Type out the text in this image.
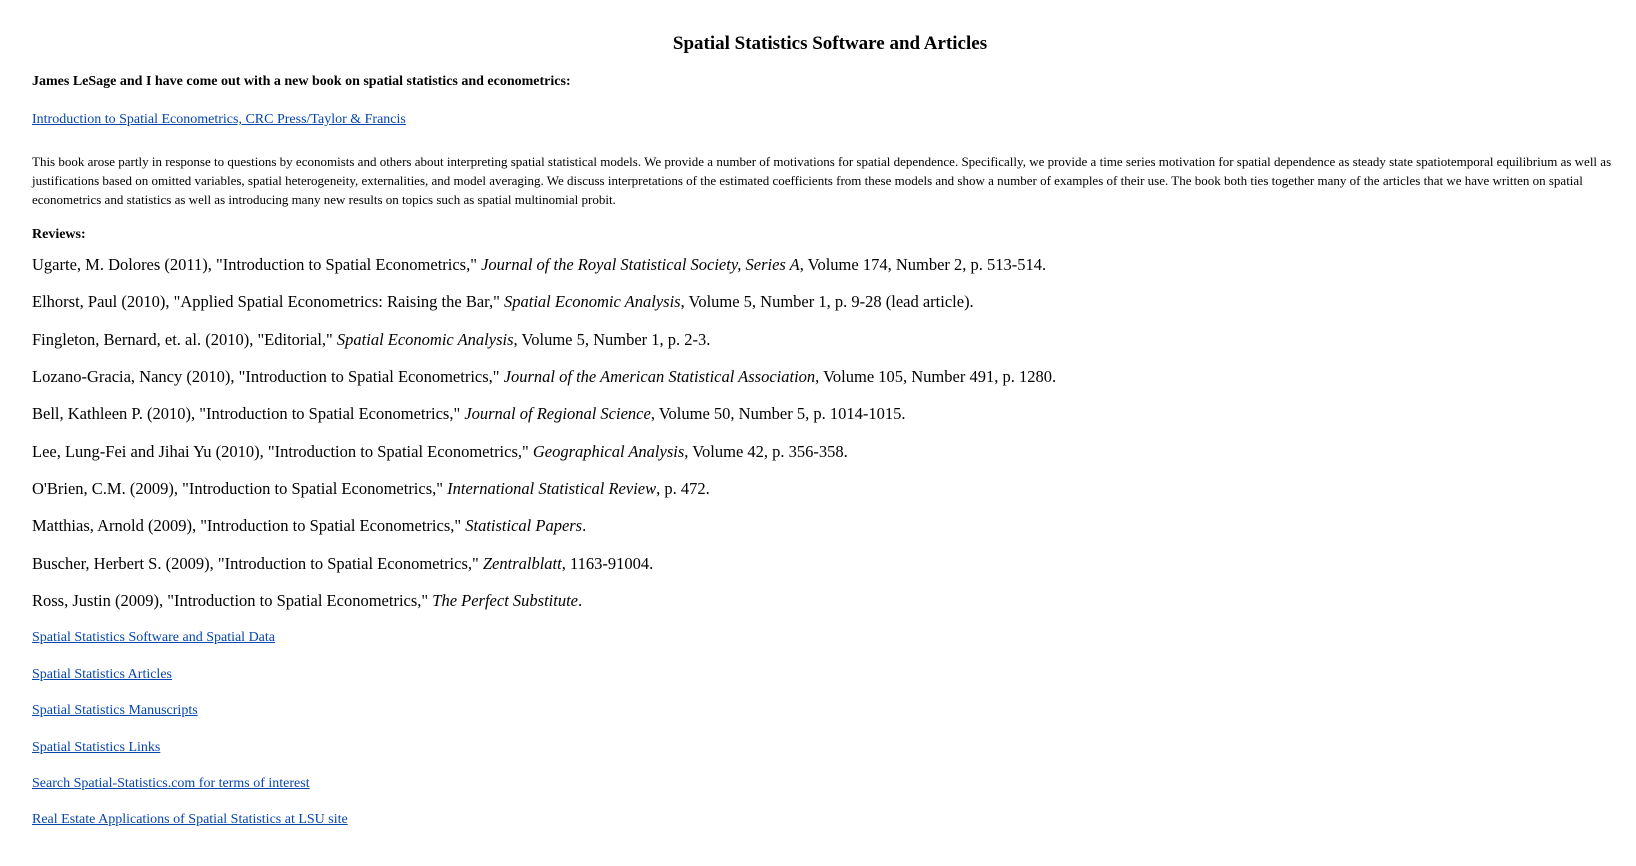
Spatial Statistics Software and Articles

James LeSage and I have come out with a new book on spatial statistics and econometrics:

Introduction to Spatial Econometrics, CRC Press/Taylor & Francis

This book arose partly in response to questions by economists and others about interpreting spatial statistical models. We provide a number of motivations for spatial dependence. Specifically, we provide a time series motivation for spatial dependence as steady state spatiotemporal equilibrium as well as justifications based on omitted variables, spatial heterogeneity, externalities, and model averaging. We discuss interpretations of the estimated coefficients from these models and show a number of examples of their use. The book both ties together many of the articles that we have written on spatial econometrics and statistics as well as introducing many new results on topics such as spatial multinomial probit.

Reviews:

Ugarte, M. Dolores (2011), "Introduction to Spatial Econometrics," Journal of the Royal Statistical Society, Series A, Volume 174, Number 2, p. 513-514.

Elhorst, Paul (2010), "Applied Spatial Econometrics: Raising the Bar," Spatial Economic Analysis, Volume 5, Number 1, p. 9-28 (lead article).

Fingleton, Bernard, et. al. (2010), "Editorial," Spatial Economic Analysis, Volume 5, Number 1, p. 2-3.

Lozano-Gracia, Nancy (2010), "Introduction to Spatial Econometrics," Journal of the American Statistical Association, Volume 105, Number 491, p. 1280.

Bell, Kathleen P. (2010), "Introduction to Spatial Econometrics," Journal of Regional Science, Volume 50, Number 5, p. 1014-1015.

Lee, Lung-Fei and Jihai Yu (2010), "Introduction to Spatial Econometrics," Geographical Analysis, Volume 42, p. 356-358.

O'Brien, C.M. (2009), "Introduction to Spatial Econometrics," International Statistical Review, p. 472.

Matthias, Arnold (2009), "Introduction to Spatial Econometrics," Statistical Papers.

Buscher, Herbert S. (2009), "Introduction to Spatial Econometrics," Zentralblatt, 1163-91004.

Ross, Justin (2009), "Introduction to Spatial Econometrics," The Perfect Substitute.

Spatial Statistics Software and Spatial Data

Spatial Statistics Articles

Spatial Statistics Manuscripts

Spatial Statistics Links

Search Spatial-Statistics.com for terms of interest

Real Estate Applications of Spatial Statistics at LSU site
